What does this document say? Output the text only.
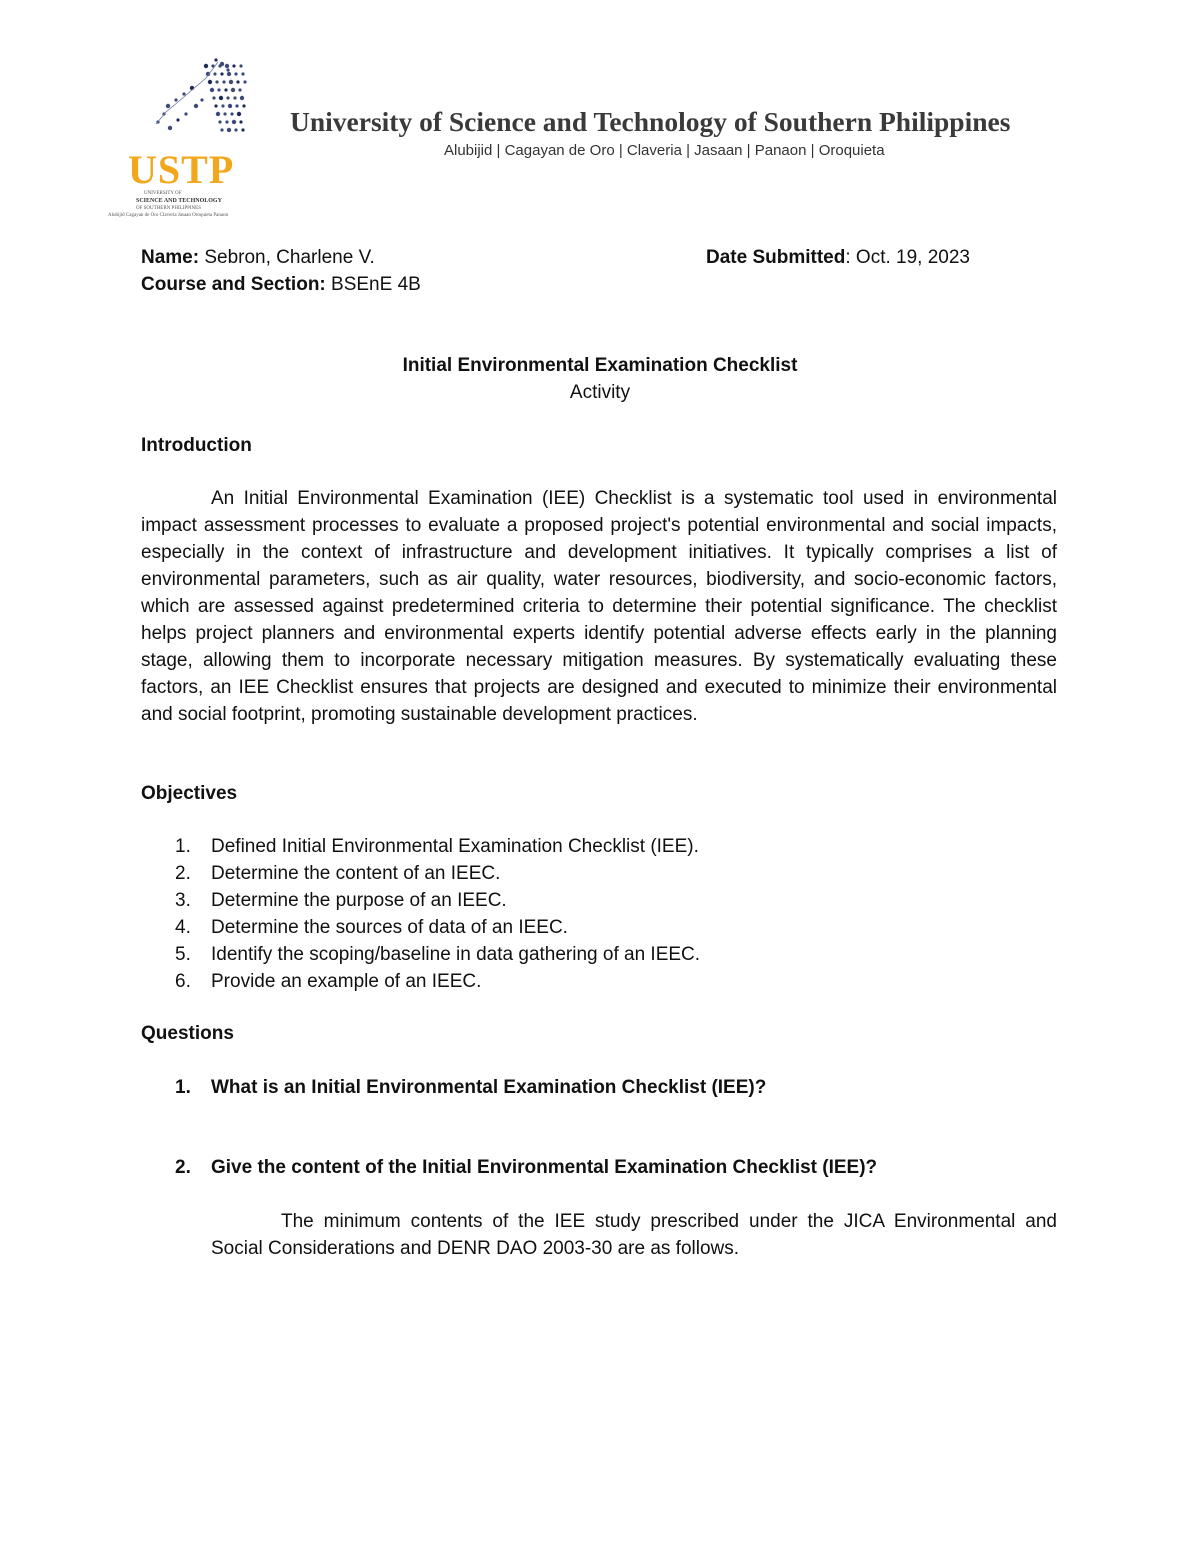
USTP
UNIVERSITY OF
SCIENCE AND TECHNOLOGY
OF SOUTHERN PHILIPPINES
Alubijid Cagayan de Oro Claveria Jasaan Oroquieta Panaon
University of Science and Technology of Southern Philippines
Alubijid | Cagayan de Oro | Claveria | Jasaan | Panaon | Oroquieta
Name: Sebron, Charlene V.	Date Submitted: Oct. 19, 2023
Course and Section: BSEnE 4B
Initial Environmental Examination Checklist
Activity
Introduction
An Initial Environmental Examination (IEE) Checklist is a systematic tool used in environmental impact assessment processes to evaluate a proposed project's potential environmental and social impacts, especially in the context of infrastructure and development initiatives. It typically comprises a list of environmental parameters, such as air quality, water resources, biodiversity, and socio-economic factors, which are assessed against predetermined criteria to determine their potential significance. The checklist helps project planners and environmental experts identify potential adverse effects early in the planning stage, allowing them to incorporate necessary mitigation measures. By systematically evaluating these factors, an IEE Checklist ensures that projects are designed and executed to minimize their environmental and social footprint, promoting sustainable development practices.
Objectives
1. Defined Initial Environmental Examination Checklist (IEE).
2. Determine the content of an IEEC.
3. Determine the purpose of an IEEC.
4. Determine the sources of data of an IEEC.
5. Identify the scoping/baseline in data gathering of an IEEC.
6. Provide an example of an IEEC.
Questions
1. What is an Initial Environmental Examination Checklist (IEE)?
2. Give the content of the Initial Environmental Examination Checklist (IEE)?
The minimum contents of the IEE study prescribed under the JICA Environmental and Social Considerations and DENR DAO 2003-30 are as follows.
